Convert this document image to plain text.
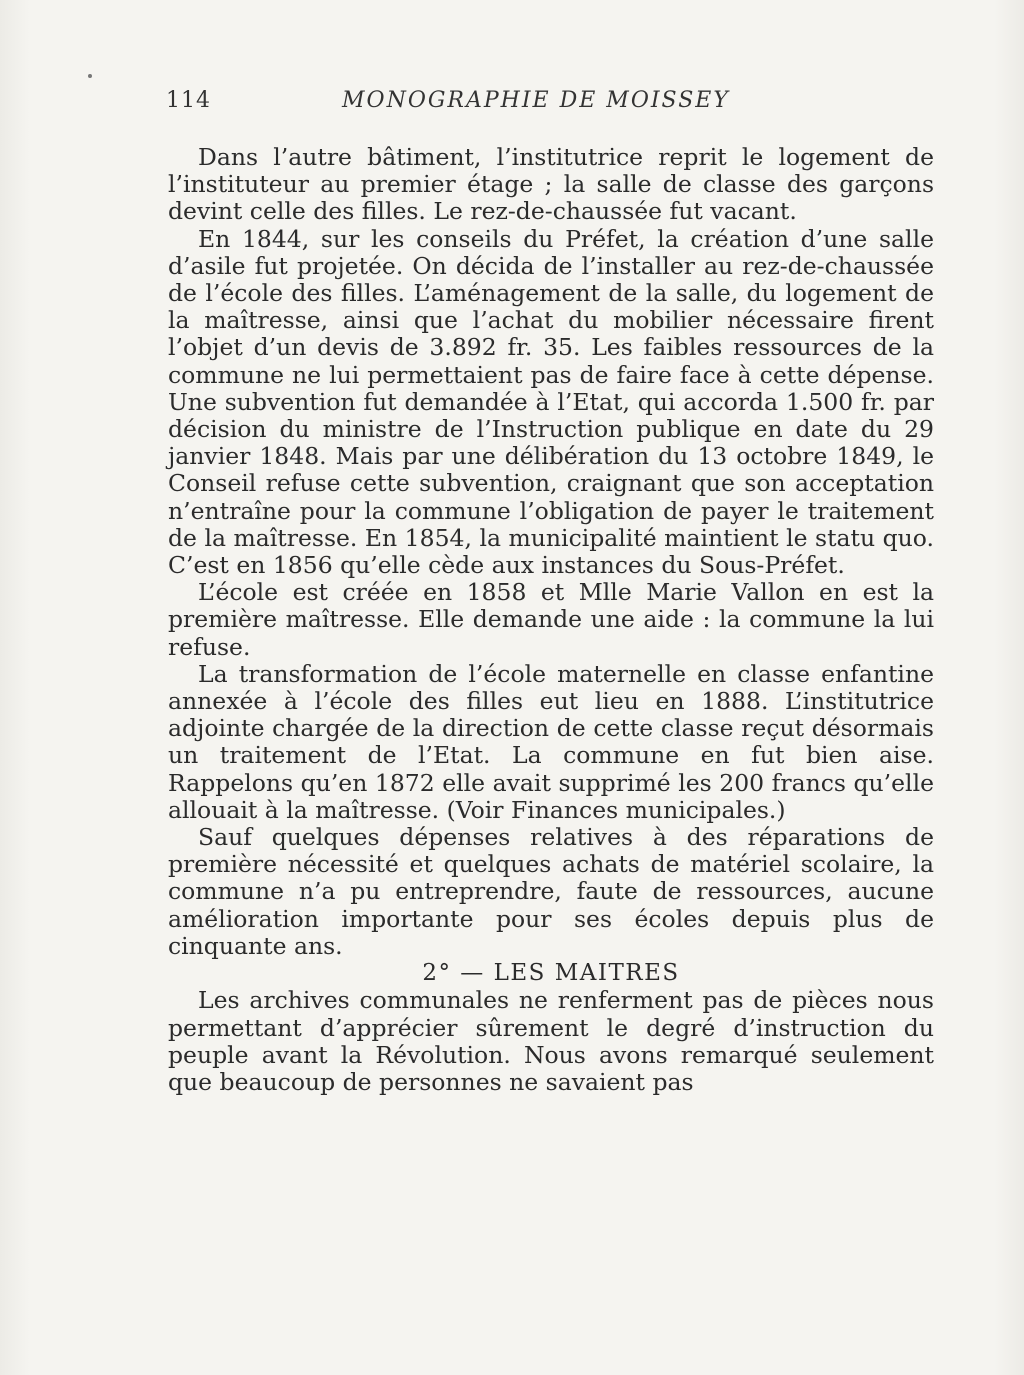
114	MONOGRAPHIE DE MOISSEY

Dans l’autre bâtiment, l’institutrice reprit le logement de l’instituteur au premier étage ; la salle de classe des garçons devint celle des filles. Le rez-de-chaussée fut vacant.

En 1844, sur les conseils du Préfet, la création d’une salle d’asile fut projetée. On décida de l’installer au rez-de-chaussée de l’école des filles. L’aménagement de la salle, du logement de la maîtresse, ainsi que l’achat du mobilier nécessaire firent l’objet d’un devis de 3.892 fr. 35. Les faibles ressources de la commune ne lui permettaient pas de faire face à cette dépense. Une subvention fut demandée à l’Etat, qui accorda 1.500 fr. par décision du ministre de l’Instruction publique en date du 29 janvier 1848. Mais par une délibération du 13 octobre 1849, le Conseil refuse cette subvention, craignant que son acceptation n’entraîne pour la commune l’obligation de payer le traitement de la maîtresse. En 1854, la municipalité maintient le statu quo. C’est en 1856 qu’elle cède aux instances du Sous-Préfet.

L’école est créée en 1858 et Mlle Marie Vallon en est la première maîtresse. Elle demande une aide : la commune la lui refuse.

La transformation de l’école maternelle en classe enfantine annexée à l’école des filles eut lieu en 1888. L’institutrice adjointe chargée de la direction de cette classe reçut désormais un traitement de l’Etat. La commune en fut bien aise. Rappelons qu’en 1872 elle avait supprimé les 200 francs qu’elle allouait à la maîtresse. (Voir Finances municipales.)

Sauf quelques dépenses relatives à des réparations de première nécessité et quelques achats de matériel scolaire, la commune n’a pu entreprendre, faute de ressources, aucune amélioration importante pour ses écoles depuis plus de cinquante ans.

2° — LES MAITRES

Les archives communales ne renferment pas de pièces nous permettant d’apprécier sûrement le degré d’instruction du peuple avant la Révolution. Nous avons remarqué seulement que beaucoup de personnes ne savaient pas
